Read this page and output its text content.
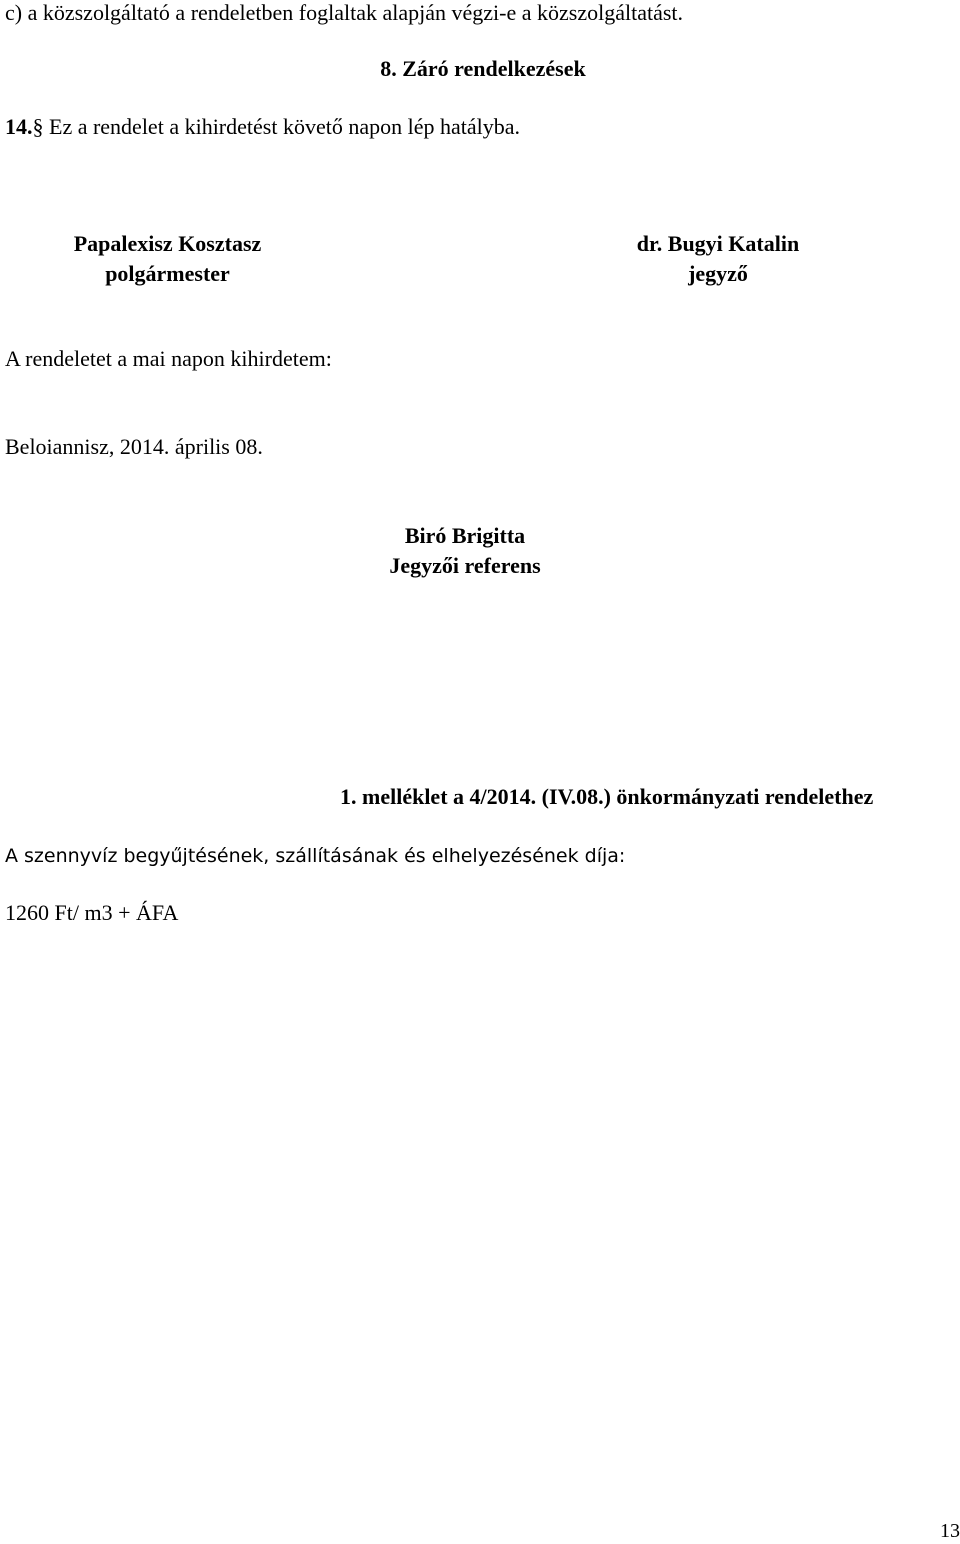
c) a közszolgáltató a rendeletben foglaltak alapján végzi-e a közszolgáltatást.
8. Záró rendelkezések
14.§ Ez a rendelet a kihirdetést követő napon lép hatályba.
Papalexisz Kosztasz
polgármester
dr. Bugyi Katalin
jegyző
A rendeletet a mai napon kihirdetem:
Beloiannisz, 2014. április 08.
Biró Brigitta
Jegyzői referens
1. melléklet a 4/2014. (IV.08.) önkormányzati rendelethez
A szennyvíz begyűjtésének, szállításának és elhelyezésének díja:
1260 Ft/ m3 + ÁFA
13
